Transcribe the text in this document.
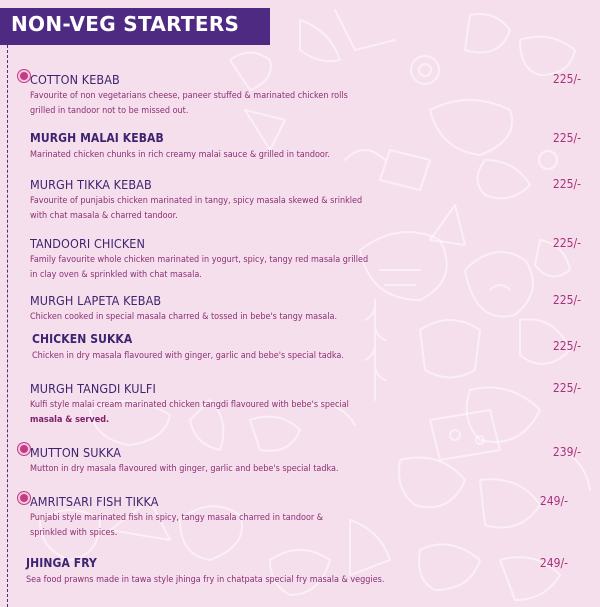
NON-VEG STARTERS
COTTON KEBAB	225/-
Favourite of non vegetarians cheese, paneer stuffed & marinated chicken rolls grilled in tandoor not to be missed out.
MURGH MALAI KEBAB	225/-
Marinated chicken chunks in rich creamy malai sauce & grilled in tandoor.
MURGH TIKKA KEBAB	225/-
Favourite of punjabis chicken marinated in tangy, spicy masala skewed & srinkled with chat masala & charred tandoor.
TANDOORI CHICKEN	225/-
Family favourite whole chicken marinated in yogurt, spicy, tangy red masala grilled in clay oven & sprinkled with chat masala.
MURGH LAPETA KEBAB	225/-
Chicken cooked in special masala charred & tossed in bebe's tangy masala.
CHICKEN SUKKA	225/-
Chicken in dry masala flavoured with ginger, garlic and bebe's special tadka.
MURGH TANGDI KULFI	225/-
Kulfi style malai cream marinated chicken tangdi flavoured with bebe's special
masala & served.
MUTTON SUKKA	239/-
Mutton in dry masala flavoured with ginger, garlic and bebe's special tadka.
AMRITSARI FISH TIKKA	249/-
Punjabi style marinated fish in spicy, tangy masala charred in tandoor & sprinkled with spices.
JHINGA FRY	249/-
Sea food prawns made in tawa style jhinga fry in chatpata special fry masala & veggies.
